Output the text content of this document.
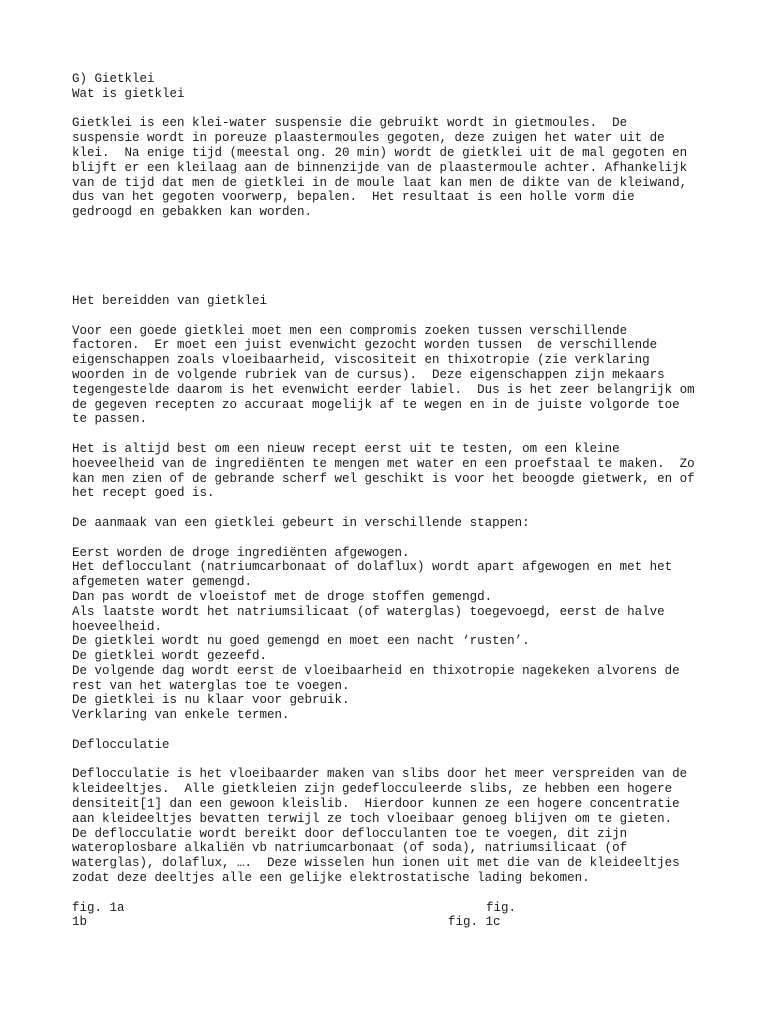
G) Gietklei
Wat is gietklei
Gietklei is een klei-water suspensie die gebruikt wordt in gietmoules.  De
suspensie wordt in poreuze plaastermoules gegoten, deze zuigen het water uit de
klei.  Na enige tijd (meestal ong. 20 min) wordt de gietklei uit de mal gegoten en
blijft er een kleilaag aan de binnenzijde van de plaastermoule achter. Afhankelijk
van de tijd dat men de gietklei in de moule laat kan men de dikte van de kleiwand,
dus van het gegoten voorwerp, bepalen.  Het resultaat is een holle vorm die
gedroogd en gebakken kan worden.
Het bereidden van gietklei
Voor een goede gietklei moet men een compromis zoeken tussen verschillende
factoren.  Er moet een juist evenwicht gezocht worden tussen  de verschillende
eigenschappen zoals vloeibaarheid, viscositeit en thixotropie (zie verklaring
woorden in de volgende rubriek van de cursus).  Deze eigenschappen zijn mekaars
tegengestelde daarom is het evenwicht eerder labiel.  Dus is het zeer belangrijk om
de gegeven recepten zo accuraat mogelijk af te wegen en in de juiste volgorde toe
te passen.
Het is altijd best om een nieuw recept eerst uit te testen, om een kleine
hoeveelheid van de ingrediënten te mengen met water en een proefstaal te maken.  Zo
kan men zien of de gebrande scherf wel geschikt is voor het beoogde gietwerk, en of
het recept goed is.
De aanmaak van een gietklei gebeurt in verschillende stappen:
Eerst worden de droge ingrediënten afgewogen.
Het deflocculant (natriumcarbonaat of dolaflux) wordt apart afgewogen en met het
afgemeten water gemengd.
Dan pas wordt de vloeistof met de droge stoffen gemengd.
Als laatste wordt het natriumsilicaat (of waterglas) toegevoegd, eerst de halve
hoeveelheid.
De gietklei wordt nu goed gemengd en moet een nacht ‘rusten’.
De gietklei wordt gezeefd.
De volgende dag wordt eerst de vloeibaarheid en thixotropie nagekeken alvorens de
rest van het waterglas toe te voegen.
De gietklei is nu klaar voor gebruik.
Verklaring van enkele termen.
Deflocculatie
Deflocculatie is het vloeibaarder maken van slibs door het meer verspreiden van de
kleideeltjes.  Alle gietkleien zijn gedeflocculeerde slibs, ze hebben een hogere
densiteit[1] dan een gewoon kleislib.  Hierdoor kunnen ze een hogere concentratie
aan kleideeltjes bevatten terwijl ze toch vloeibaar genoeg blijven om te gieten.
De deflocculatie wordt bereikt door deflocculanten toe te voegen, dit zijn
wateroplosbare alkaliën vb natriumcarbonaat (of soda), natriumsilicaat (of
waterglas), dolaflux, ….  Deze wisselen hun ionen uit met die van de kleideeltjes
zodat deze deeltjes alle een gelijke elektrostatische lading bekomen.

fig. 1a

	fig.

1b

	fig. 1c
